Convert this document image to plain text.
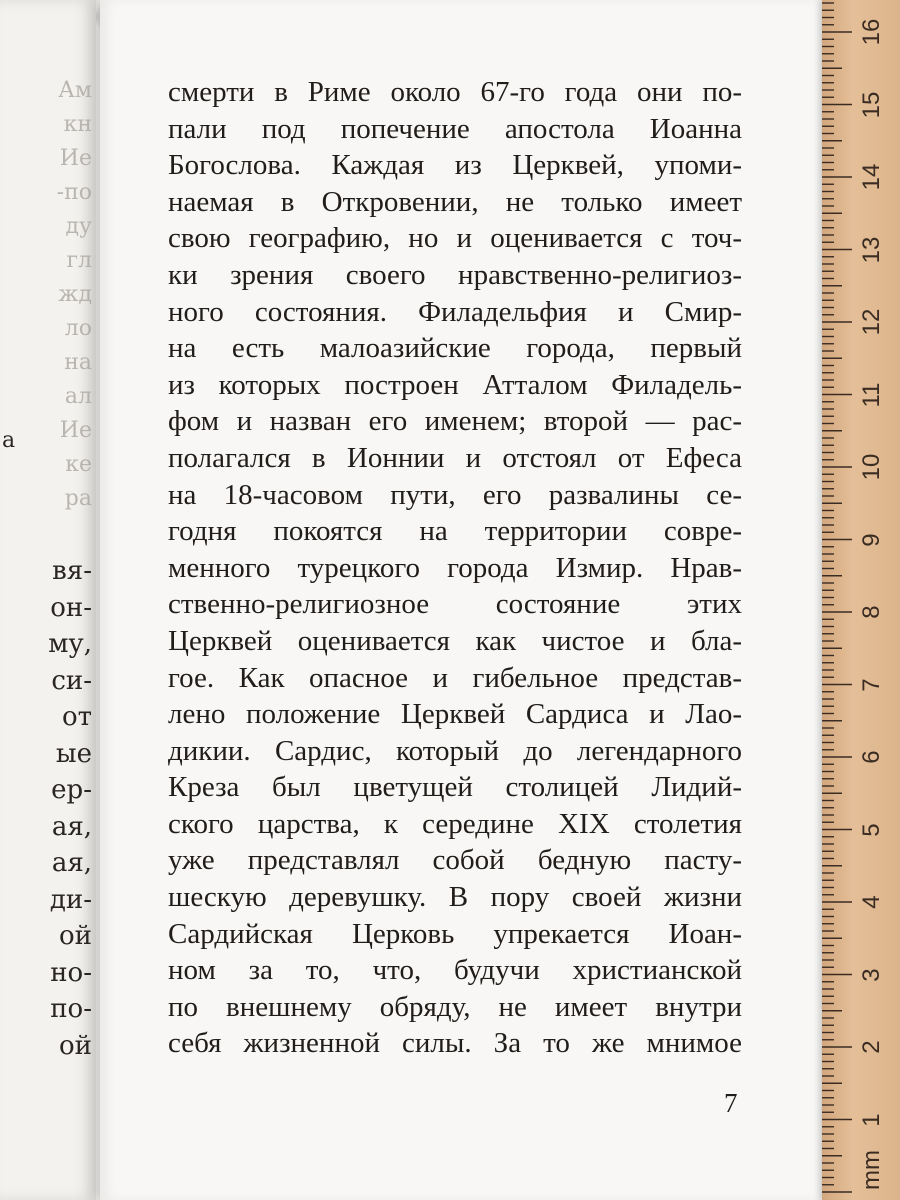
Ам
кн
Ие
-по
ду
гл
жд
ло
на
ал
Ие
ке
ра
а
вя-
он-
му,
си-
от
ые
ер-
ая,
ая,
ди-
ой
но-
по-
ой
смерти в Риме около 67-го года они по-
пали под попечение апостола Иоанна
Богослова. Каждая из Церквей, упоми-
наемая в Откровении, не только имеет
свою географию, но и оценивается с точ-
ки зрения своего нравственно-религиоз-
ного состояния. Филадельфия и Смир-
на есть малоазийские города, первый
из которых построен Атталом Филадель-
фом и назван его именем; второй — рас-
полагался в Ионнии и отстоял от Ефеса
на 18-часовом пути, его развалины се-
годня покоятся на территории совре-
менного турецкого города Измир. Нрав-
ственно-религиозное состояние этих
Церквей оценивается как чистое и бла-
гое. Как опасное и гибельное представ-
лено положение Церквей Сардиса и Лао-
дикии. Сардис, который до легендарного
Креза был цветущей столицей Лидий-
ского царства, к середине XIX столетия
уже представлял собой бедную пасту-
шескую деревушку. В пору своей жизни
Сардийская Церковь упрекается Иоан-
ном за то, что, будучи христианской
по внешнему обряду, не имеет внутри
себя жизненной силы. За то же мнимое
7
16
15
14
13
12
11
10
9
8
7
6
5
4
3
2
1
mm
